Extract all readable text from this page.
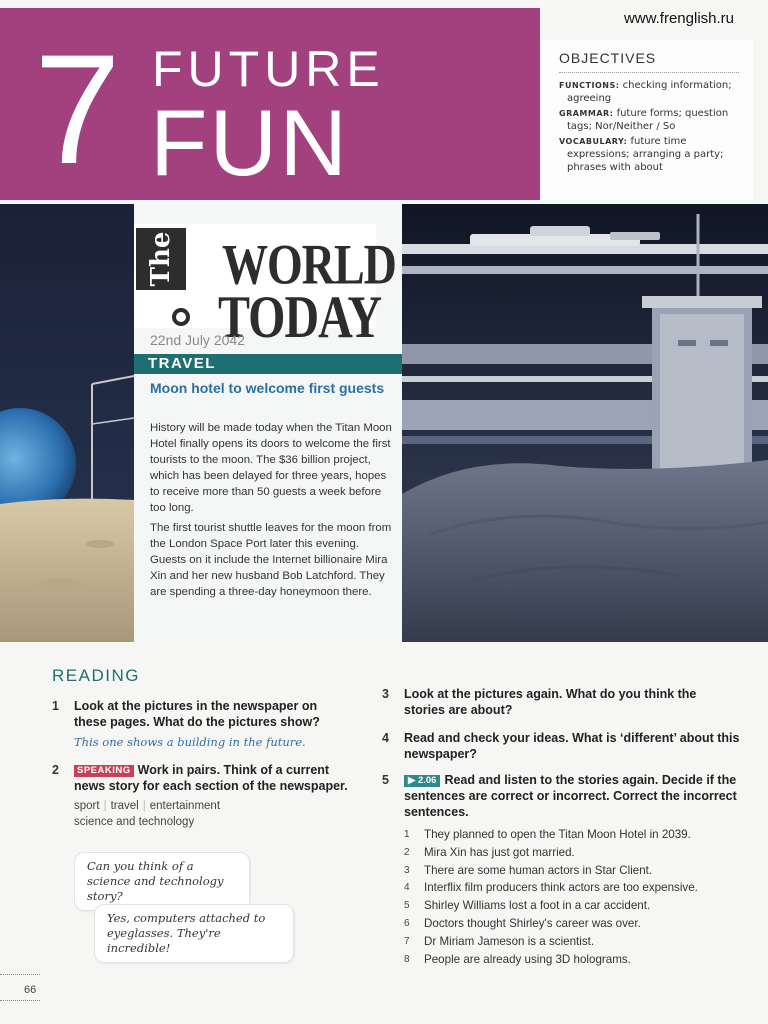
7 FUTURE
FUN
www.frenglish.ru
OBJECTIVES
FUNCTIONS: checking information; agreeing
GRAMMAR: future forms; question tags; Nor/Neither / So
VOCABULARY: future time expressions; arranging a party; phrases with about
The WORLD
TODAY
22nd July 2042
TRAVEL
Moon hotel to welcome first guests

History will be made today when the Titan Moon Hotel finally opens its doors to welcome the first tourists to the moon. The $36 billion project, which has been delayed for three years, hopes to receive more than 50 guests a week before too long.

The first tourist shuttle leaves for the moon from the London Space Port later this evening. Guests on it include the Internet billionaire Mira Xin and her new husband Bob Latchford. They are spending a three-day honeymoon there.

READING
1 Look at the pictures in the newspaper on these pages. What do the pictures show?
This one shows a building in the future.
2	SPEAKING Work in pairs. Think of a current news story for each section of the newspaper.
sport | travel | entertainment
science and technology
Can you think of a science and technology story?
Yes, computers attached to eyeglasses. They're incredible!
3 Look at the pictures again. What do you think the stories are about?
4 Read and check your ideas. What is ‘different’ about this newspaper?
5	▶ 2.06 Read and listen to the stories again. Decide if the sentences are correct or incorrect. Correct the incorrect sentences.
1 They planned to open the Titan Moon Hotel in 2039.
2 Mira Xin has just got married.
3 There are some human actors in Star Client.
4 Interflix film producers think actors are too expensive.
5 Shirley Williams lost a foot in a car accident.
6 Doctors thought Shirley's career was over.
7 Dr Miriam Jameson is a scientist.
8 People are already using 3D holograms.
66
